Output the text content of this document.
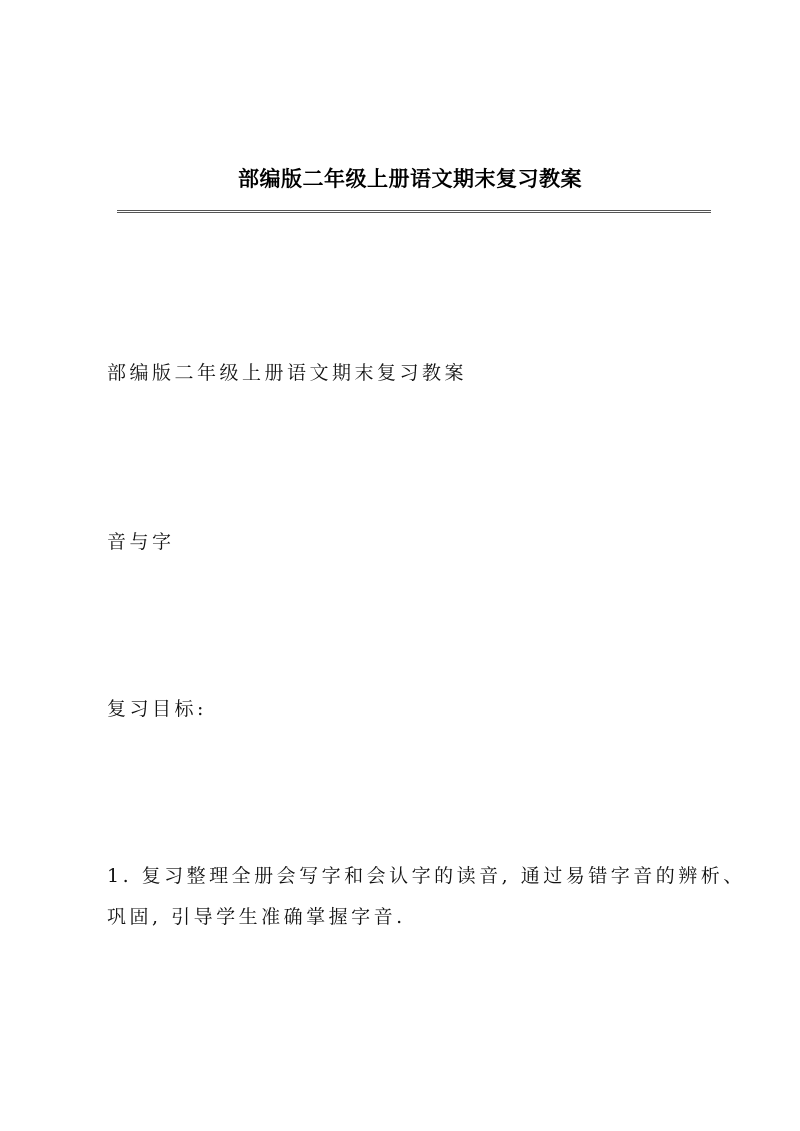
部编版二年级上册语文期末复习教案
部编版二年级上册语文期末复习教案
音与字
复习目标:
1. 复习整理全册会写字和会认字的读音, 通过易错字音的辨析、
巩固, 引导学生准确掌握字音.
